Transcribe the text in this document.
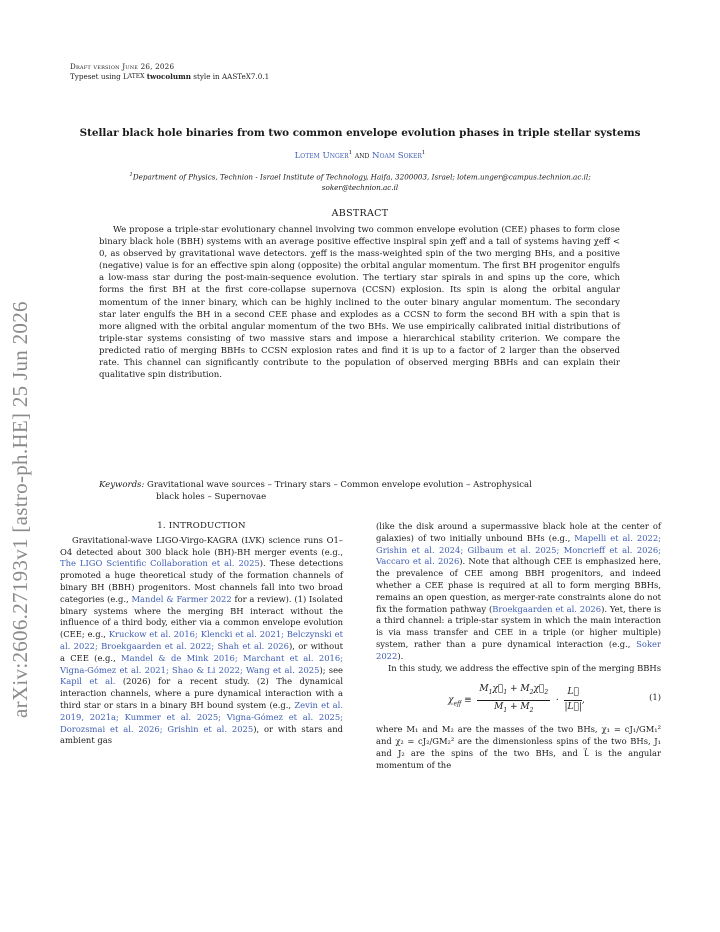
Draft version June 26, 2026
Typeset using LATEX twocolumn style in AASTeX7.0.1
arXiv:2606.27193v1 [astro-ph.HE] 25 Jun 2026
Stellar black hole binaries from two common envelope evolution phases in triple stellar systems
Lotem Unger$^1$ and Noam Soker$^1$
$^1$Department of Physics, Technion - Israel Institute of Technology, Haifa, 3200003, Israel; lotem.unger@campus.technion.ac.il;
soker@technion.ac.il
ABSTRACT

We propose a triple-star evolutionary channel involving two common envelope evolution (CEE) phases to form close binary black hole (BBH) systems with an average positive effective inspiral spin χeff and a tail of systems having χeff < 0, as observed by gravitational wave detectors. χeff is the mass-weighted spin of the two merging BHs, and a positive (negative) value is for an effective spin along (opposite) the orbital angular momentum. The first BH progenitor engulfs a low-mass star during the post-main-sequence evolution. The tertiary star spirals in and spins up the core, which forms the first BH at the first core-collapse supernova (CCSN) explosion. Its spin is along the orbital angular momentum of the inner binary, which can be highly inclined to the outer binary angular momentum. The secondary star later engulfs the BH in a second CEE phase and explodes as a CCSN to form the second BH with a spin that is more aligned with the orbital angular momentum of the two BHs. We use empirically calibrated initial distributions of triple-star systems consisting of two massive stars and impose a hierarchical stability criterion. We compare the predicted ratio of merging BBHs to CCSN explosion rates and find it is up to a factor of 2 larger than the observed rate. This channel can significantly contribute to the population of observed merging BBHs and can explain their qualitative spin distribution.

Keywords: Gravitational wave sources – Trinary stars – Common envelope evolution – Astrophysical
black holes – Supernovae

1. INTRODUCTION

Gravitational-wave LIGO-Virgo-KAGRA (LVK) science runs O1–O4 detected about 300 black hole (BH)-BH merger events (e.g., The LIGO Scientific Collaboration et al. 2025). These detections promoted a huge theoretical study of the formation channels of binary BH (BBH) progenitors. Most channels fall into two broad categories (e.g., Mandel & Farmer 2022 for a review). (1) Isolated binary systems where the merging BH interact without the influence of a third body, either via a common envelope evolution (CEE; e.g., Kruckow et al. 2016; Klencki et al. 2021; Belczynski et al. 2022; Broekgaarden et al. 2022; Shah et al. 2026), or without a CEE (e.g., Mandel & de Mink 2016; Marchant et al. 2016; Vigna-Gómez et al. 2021; Shao & Li 2022; Wang et al. 2025); see Kapil et al. (2026) for a recent study. (2) The dynamical interaction channels, where a pure dynamical interaction with a third star or stars in a binary BH bound system (e.g., Zevin et al. 2019, 2021a; Kummer et al. 2025; Vigna-Gómez et al. 2025; Dorozsmai et al. 2026; Grishin et al. 2025), or with stars and ambient gas

(like the disk around a supermassive black hole at the center of galaxies) of two initially unbound BHs (e.g., Mapelli et al. 2022; Grishin et al. 2024; Gilbaum et al. 2025; Moncrieff et al. 2026; Vaccaro et al. 2026). Note that although CEE is emphasized here, the prevalence of CEE among BBH progenitors, and indeed whether a CEE phase is required at all to form merging BBHs, remains an open question, as merger-rate constraints alone do not fix the formation pathway (Broekgaarden et al. 2026). Yet, there is a third channel: a triple-star system in which the main interaction is via mass transfer and CEE in a triple (or higher multiple) system, rather than a pure dynamical interaction (e.g., Soker 2022).

In this study, we address the effective spin of the merging BBHs

$\chi_{eff} \equiv \frac{M_1\chi⃗_1 + M_2\chi⃗_2}{M_1 + M_2} \cdot \frac{L⃗}{|L⃗|}$ ,	(1)

where M₁ and M₂ are the masses of the two BHs, χ₁ = cJ₁/GM₁² and χ₂ = cJ₂/GM₂² are the dimensionless spins of the two BHs, J₁ and J₂ are the spins of the two BHs, and L⃗ is the angular momentum of the
